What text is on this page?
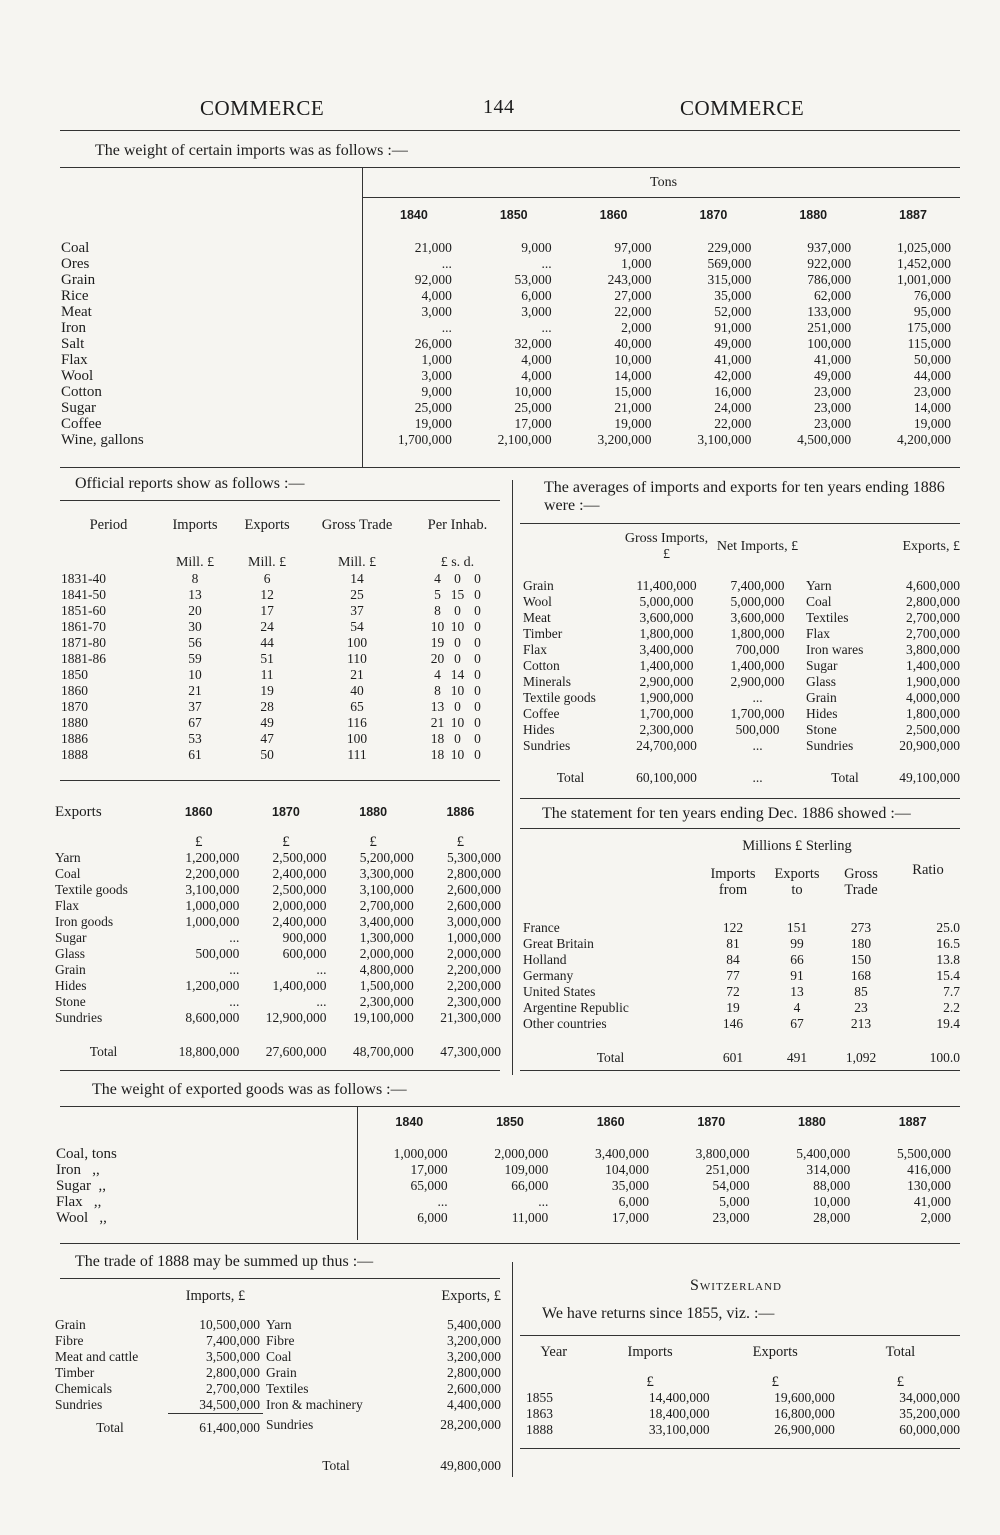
COMMERCE	144	COMMERCE
The weight of certain imports was as follows :—
Tons
	1840	1850	1860	1870	1880	1887

Coal	21,000	9,000	97,000	229,000	937,000	1,025,000
Ores	...	...	1,000	569,000	922,000	1,452,000
Grain	92,000	53,000	243,000	315,000	786,000	1,001,000
Rice	4,000	6,000	27,000	35,000	62,000	76,000
Meat	3,000	3,000	22,000	52,000	133,000	95,000
Iron	...	...	2,000	91,000	251,000	175,000
Salt	26,000	32,000	40,000	49,000	100,000	115,000
Flax	1,000	4,000	10,000	41,000	41,000	50,000
Wool	3,000	4,000	14,000	42,000	49,000	44,000
Cotton	9,000	10,000	15,000	16,000	23,000	23,000
Sugar	25,000	25,000	21,000	24,000	23,000	14,000
Coffee	19,000	17,000	19,000	22,000	23,000	19,000
Wine, gallons	1,700,000	2,100,000	3,200,000	3,100,000	4,500,000	4,200,000
Official reports show as follows :—
Period	Imports	Exports	Gross Trade	Per Inhab.
	Mill. £	Mill. £	Mill. £	£ s. d.
1831-40	8	6	14	4 0 0
1841-50	13	12	25	5 15 0
1851-60	20	17	37	8 0 0
1861-70	30	24	54	10 10 0
1871-80	56	44	100	19 0 0
1881-86	59	51	110	20 0 0
1850	10	11	21	4 14 0
1860	21	19	40	8 10 0
1870	37	28	65	13 0 0
1880	67	49	116	21 10 0
1886	53	47	100	18 0 0
1888	61	50	111	18 10 0
Exports	1860	1870	1880	1886
	£	£	£	£
Yarn	1,200,000	2,500,000	5,200,000	5,300,000
Coal	2,200,000	2,400,000	3,300,000	2,800,000
Textile goods	3,100,000	2,500,000	3,100,000	2,600,000
Flax	1,000,000	2,000,000	2,700,000	2,600,000
Iron goods	1,000,000	2,400,000	3,400,000	3,000,000
Sugar	...	900,000	1,300,000	1,000,000
Glass	500,000	600,000	2,000,000	2,000,000
Grain	...	...	4,800,000	2,200,000
Hides	1,200,000	1,400,000	1,500,000	2,200,000
Stone	...	...	2,300,000	2,300,000
Sundries	8,600,000	12,900,000	19,100,000	21,300,000
Total	18,800,000	27,600,000	48,700,000	47,300,000
The averages of imports and exports for ten years ending 1886 were :—
	Gross Imports, £	Net Imports, £		Exports, £

Grain	11,400,000	7,400,000	Yarn	4,600,000
Wool	5,000,000	5,000,000	Coal	2,800,000
Meat	3,600,000	3,600,000	Textiles	2,700,000
Timber	1,800,000	1,800,000	Flax	2,700,000
Flax	3,400,000	700,000	Iron wares	3,800,000
Cotton	1,400,000	1,400,000	Sugar	1,400,000
Minerals	2,900,000	2,900,000	Glass	1,900,000
Textile goods	1,900,000	...	Grain	4,000,000
Coffee	1,700,000	1,700,000	Hides	1,800,000
Hides	2,300,000	500,000	Stone	2,500,000
Sundries	24,700,000	...	Sundries	20,900,000
Total	60,100,000	...	Total	49,100,000
The statement for ten years ending Dec. 1886 showed :—
	Millions £ Sterling			Ratio
	Imports from	Exports to	Gross Trade	

France	122	151	273	25.0
Great Britain	81	99	180	16.5
Holland	84	66	150	13.8
Germany	77	91	168	15.4
United States	72	13	85	7.7
Argentine Republic	19	4	23	2.2
Other countries	146	67	213	19.4
Total	601	491	1,092	100.0
The weight of exported goods was as follows :—
	1840	1850	1860	1870	1880	1887

Coal, tons	1,000,000	2,000,000	3,400,000	3,800,000	5,400,000	5,500,000
Iron   ,,	17,000	109,000	104,000	251,000	314,000	416,000
Sugar  ,,	65,000	66,000	35,000	54,000	88,000	130,000
Flax   ,,	...	...	6,000	5,000	10,000	41,000
Wool   ,,	6,000	11,000	17,000	23,000	28,000	2,000
The trade of 1888 may be summed up thus :—
	Imports, £		Exports, £

Grain	10,500,000	Yarn	5,400,000
Fibre	7,400,000	Fibre	3,200,000
Meat and cattle	3,500,000	Coal	3,200,000
Timber	2,800,000	Grain	2,800,000
Chemicals	2,700,000	Textiles	2,600,000
Sundries	34,500,000	Iron & machinery	4,400,000
Total	61,400,000	Sundries	28,200,000
		Total	49,800,000
Switzerland
We have returns since 1855, viz. :—
Year	Imports	Exports	Total
	£	£	£
1855	14,400,000	19,600,000	34,000,000
1863	18,400,000	16,800,000	35,200,000
1888	33,100,000	26,900,000	60,000,000
